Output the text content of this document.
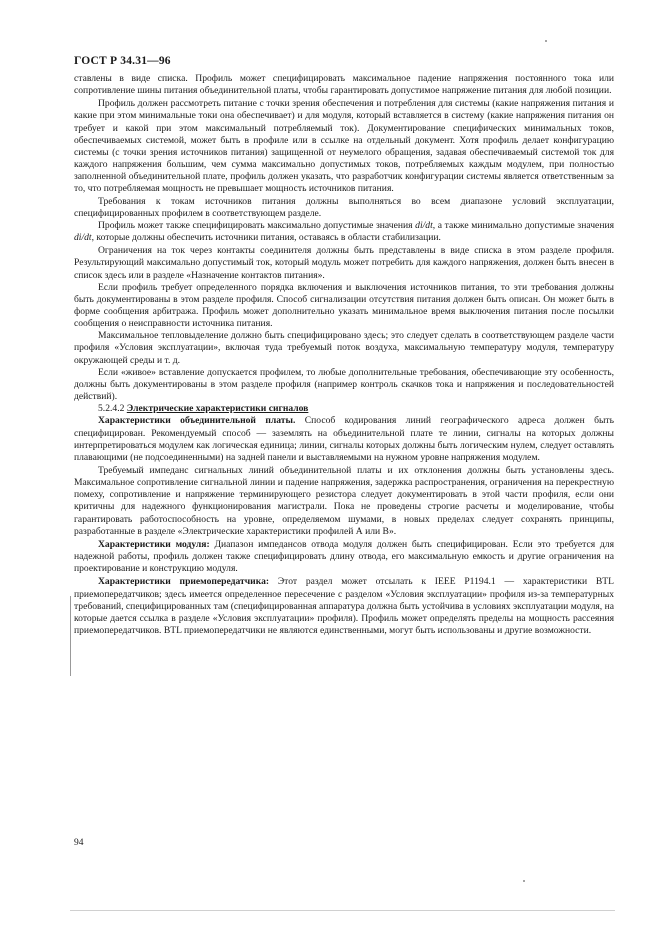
ГОСТ Р 34.31—96

ставлены в виде списка. Профиль может специфицировать максимальное падение напряжения постоянного тока или сопротивление шины питания объединительной платы, чтобы гарантировать допустимое напряжение питания для любой позиции.

Профиль должен рассмотреть питание с точки зрения обеспечения и потребления для системы (какие напряжения питания и какие при этом минимальные токи она обеспечивает) и для модуля, который вставляется в систему (какие напряжения питания он требует и какой при этом максимальный потребляемый ток). Документирование специфических минимальных токов, обеспечиваемых системой, может быть в профиле или в ссылке на отдельный документ. Хотя профиль делает конфигурацию системы (с точки зрения источников питания) защищенной от неумелого обращения, задавая обеспечиваемый системой ток для каждого напряжения большим, чем сумма максимально допустимых токов, потребляемых каждым модулем, при полностью заполненной объединительной плате, профиль должен указать, что разработчик конфигурации системы является ответственным за то, что потребляемая мощность не превышает мощность источников питания.

Требования к токам источников питания должны выполняться во всем диапазоне условий эксплуатации, специфицированных профилем в соответствующем разделе.

Профиль может также специфицировать максимально допустимые значения di/dt, а также минимально допустимые значения di/dt, которые должны обеспечить источники питания, оставаясь в области стабилизации.

Ограничения на ток через контакты соединителя должны быть представлены в виде списка в этом разделе профиля. Результирующий максимально допустимый ток, который модуль может потребить для каждого напряжения, должен быть внесен в список здесь или в разделе «Назначение контактов питания».

Если профиль требует определенного порядка включения и выключения источников питания, то эти требования должны быть документированы в этом разделе профиля. Способ сигнализации отсутствия питания должен быть описан. Он может быть в форме сообщения арбитража. Профиль может дополнительно указать минимальное время выключения питания после посылки сообщения о неисправности источника питания.

Максимальное тепловыделение должно быть специфицировано здесь; это следует сделать в соответствующем разделе части профиля «Условия эксплуатации», включая туда требуемый поток воздуха, максимальную температуру модуля, температуру окружающей среды и т. д.

Если «живое» вставление допускается профилем, то любые дополнительные требования, обеспечивающие эту особенность, должны быть документированы в этом разделе профиля (например контроль скачков тока и напряжения и последовательностей действий).

5.2.4.2 Электрические характеристики сигналов

Характеристики объединительной платы. Способ кодирования линий географического адреса должен быть специфицирован. Рекомендуемый способ — заземлять на объединительной плате те линии, сигналы на которых должны интерпретироваться модулем как логическая единица; линии, сигналы которых должны быть логическим нулем, следует оставлять плавающими (не подсоединенными) на задней панели и выставляемыми на нужном уровне напряжения модулем.

Требуемый импеданс сигнальных линий объединительной платы и их отклонения должны быть установлены здесь. Максимальное сопротивление сигнальной линии и падение напряжения, задержка распространения, ограничения на перекрестную помеху, сопротивление и напряжение терминирующего резистора следует документировать в этой части профиля, если они критичны для надежного функционирования магистрали. Пока не проведены строгие расчеты и моделирование, чтобы гарантировать работоспособность на уровне, определяемом шумами, в новых пределах следует сохранять принципы, разработанные в разделе «Электрические характеристики профилей А или В».

Характеристики модуля: Диапазон импедансов отвода модуля должен быть специфицирован. Если это требуется для надежной работы, профиль должен также специфицировать длину отвода, его максимальную емкость и другие ограничения на проектирование и конструкцию модуля.

Характеристики приемопередатчика: Этот раздел может отсылать к IEEE Р1194.1 — характеристики BTL приемопередатчиков; здесь имеется определенное пересечение с разделом «Условия эксплуатации» профиля из-за температурных требований, специфицированных там (специфицированная аппаратура должна быть устойчива в условиях эксплуатации модуля, на которые дается ссылка в разделе «Условия эксплуатации» профиля). Профиль может определять пределы на мощность рассеяния приемопередатчиков. BTL приемопередатчики не являются единственными, могут быть использованы и другие возможности.

94
